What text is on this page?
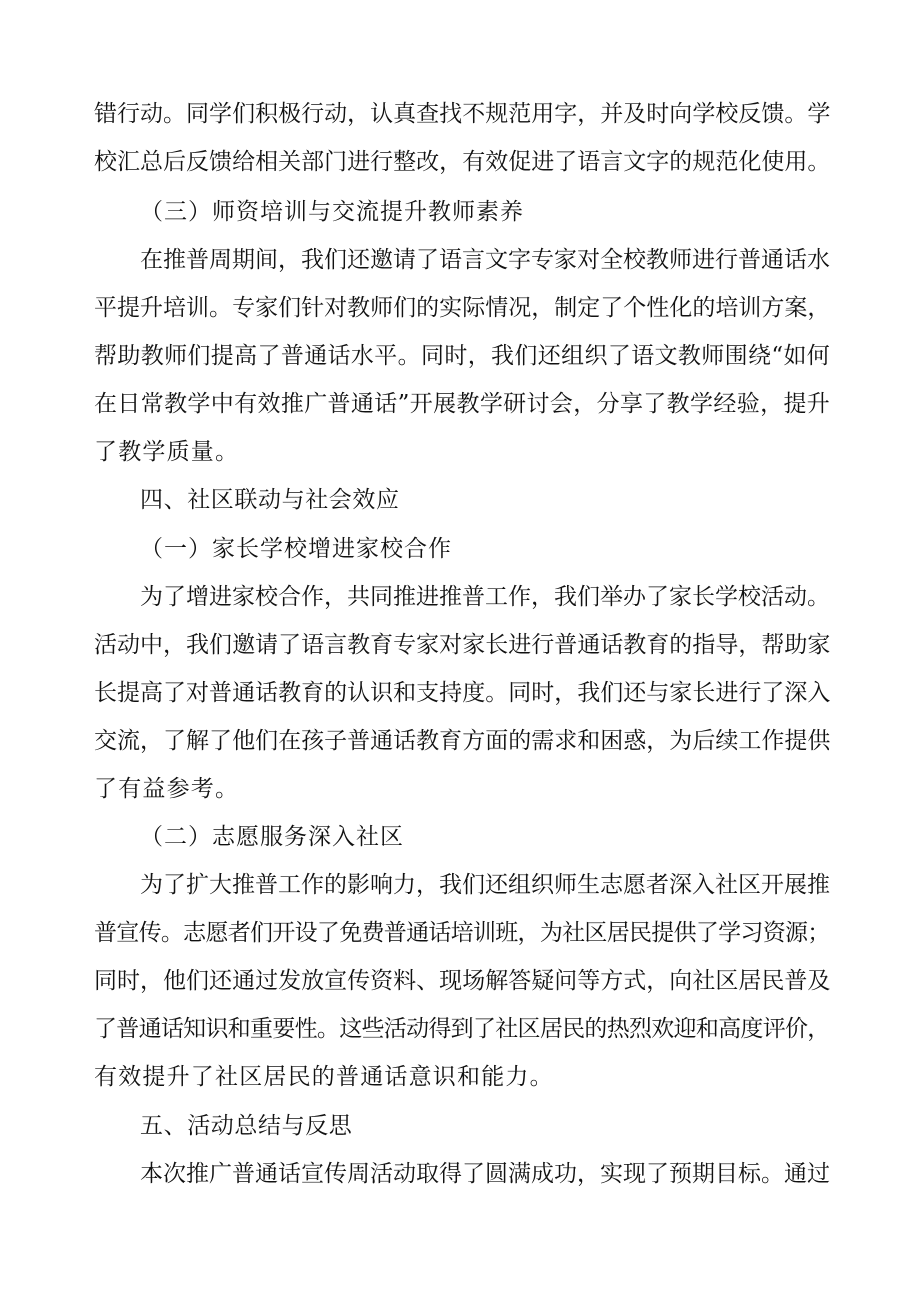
错行动。同学们积极行动，认真查找不规范用字，并及时向学校反馈。学
校汇总后反馈给相关部门进行整改，有效促进了语言文字的规范化使用。
（三）师资培训与交流提升教师素养
在推普周期间，我们还邀请了语言文字专家对全校教师进行普通话水
平提升培训。专家们针对教师们的实际情况，制定了个性化的培训方案，
帮助教师们提高了普通话水平。同时，我们还组织了语文教师围绕“如何
在日常教学中有效推广普通话”开展教学研讨会，分享了教学经验，提升
了教学质量。
四、社区联动与社会效应
（一）家长学校增进家校合作
为了增进家校合作，共同推进推普工作，我们举办了家长学校活动。
活动中，我们邀请了语言教育专家对家长进行普通话教育的指导，帮助家
长提高了对普通话教育的认识和支持度。同时，我们还与家长进行了深入
交流，了解了他们在孩子普通话教育方面的需求和困惑，为后续工作提供
了有益参考。
（二）志愿服务深入社区
为了扩大推普工作的影响力，我们还组织师生志愿者深入社区开展推
普宣传。志愿者们开设了免费普通话培训班，为社区居民提供了学习资源；
同时，他们还通过发放宣传资料、现场解答疑问等方式，向社区居民普及
了普通话知识和重要性。这些活动得到了社区居民的热烈欢迎和高度评价，
有效提升了社区居民的普通话意识和能力。
五、活动总结与反思
本次推广普通话宣传周活动取得了圆满成功，实现了预期目标。通过
